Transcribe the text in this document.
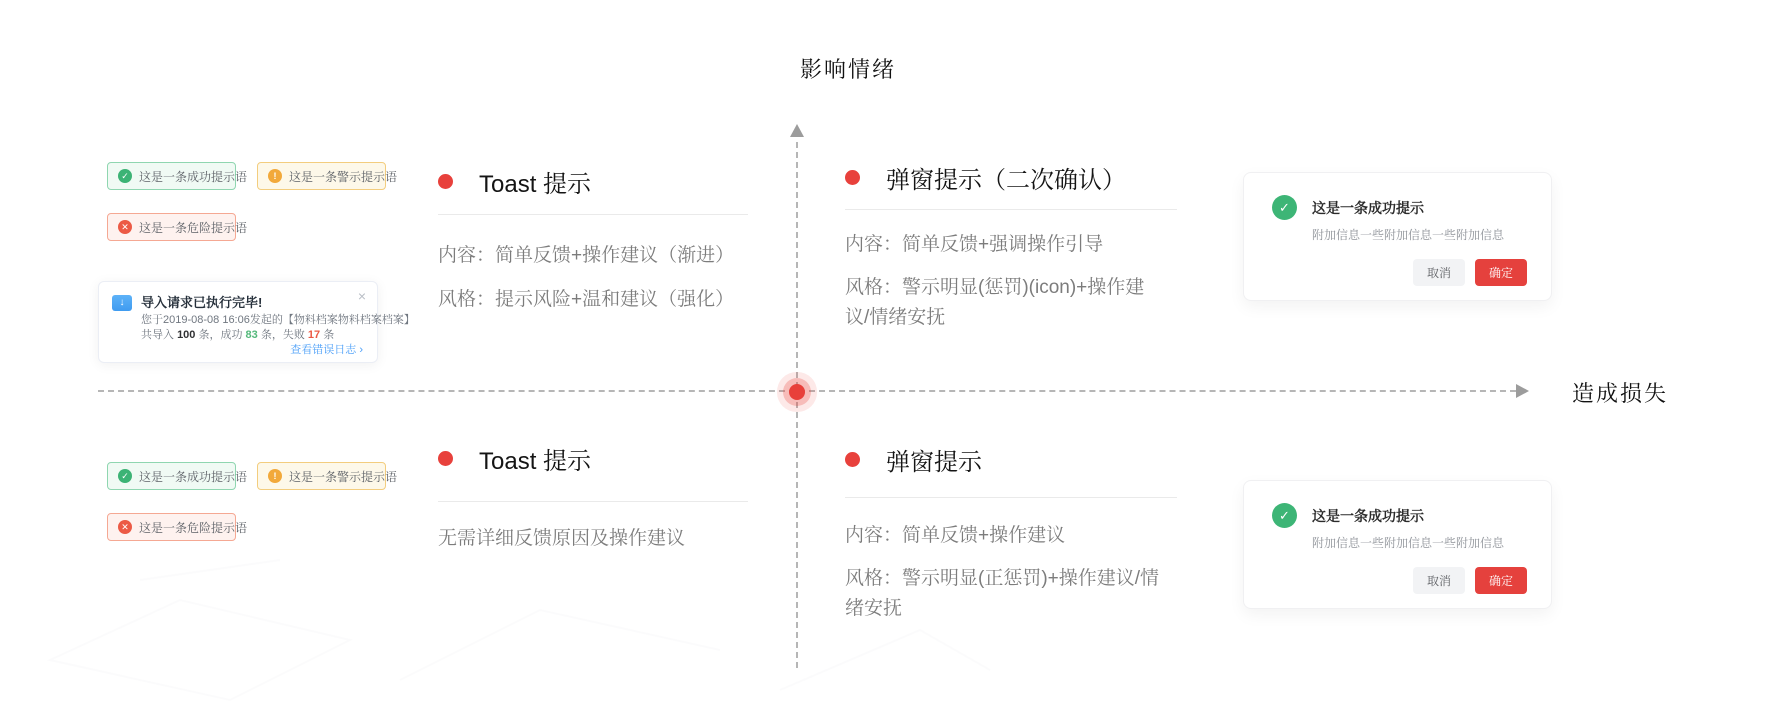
影响情绪
造成损失
✓ 这是一条成功提示语	!	这是一条警示提示语
✕ 这是一条危险提示语
↓	导入请求已执行完毕!	×
您于2019-08-08 16:06发起的【物料档案物料档案档案】
共导入 100 条，成功 83 条，失败 17 条
查看错误日志 ›
✓ 这是一条成功提示语	!	这是一条警示提示语
✕ 这是一条危险提示语
Toast 提示

内容：简单反馈+操作建议（渐进）

风格：提示风险+温和建议（强化）

弹窗提示（二次确认）

内容：简单反馈+强调操作引导

风格：警示明显(惩罚)(icon)+操作建议/情绪安抚

Toast 提示

无需详细反馈原因及操作建议

弹窗提示

内容：简单反馈+操作建议

风格：警示明显(正惩罚)+操作建议/情绪安抚

✓	这是一条成功提示
附加信息一些附加信息一些附加信息
取消	确定
✓	这是一条成功提示
附加信息一些附加信息一些附加信息
取消	确定
